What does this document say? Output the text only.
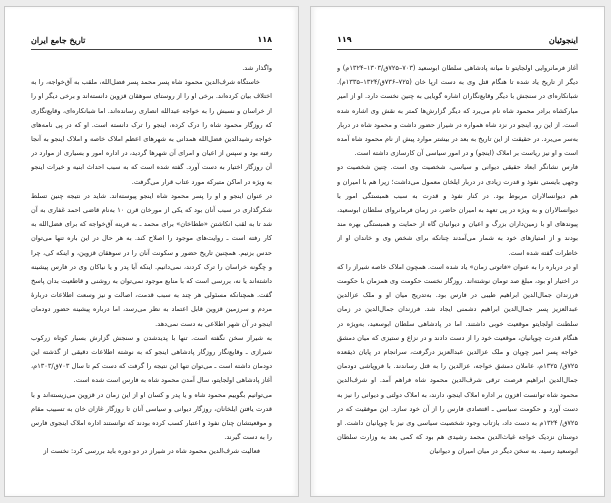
تاریخ جامع ایران	۱۱۸

واگذار شد.

خاستگاه شرف‌الدین محمود شاه پسر محمد پسر فضل‌الله، ملقب به آق‌خواجه، را به اختلاف بیان کرده‌اند. برخی او را از روستای سوهقان قزوین دانسته‌اند و برخی دیگر او را از خراسان و نسبش را به خواجه عبدالله انصاری رسانده‌اند. اما شبانکاره‌ای، وقایع‌نگاری که روزگار محمود شاه را درک کرده، اینجو را ترک دانسته است. او که در پی نامه‌های خواجه رشیدالدین فضل‌الله همدانی به شهرهای اعظم املاک خاصه و املاک اینجو به آنجا رفته بود و سپس از اعیان و امرای آن شهرها گردید، در اداره امور و بسیاری از موارد در آن روزگار اختیار به دست آورد. گفته شده است که به سبب احداث ابنیه و خیرات اینجو به ویژه در اماکن متبرکه مورد عتاب قرار می‌گرفت.

در عنوان اینجو و او را پسر محمود شاه اینجو پیوسته‌اند. شاید در نتیجه چنین تسلط شکرگذاری در سبب آنان بود که یکی از مورخان قرن ۱۰ به‌نام قاضی احمد غفاری به آن شد تا به لقب انکاشتن «ططاخان» برای محمد ـ به قرینه آق‌خواجه که برای فضل‌الله به کار رفته است ـ روایت‌های موجود را اصلاح کند. به هر حال در این باره تنها می‌توان حدس بزنیم. همچنین تاریخ حضور و سکونت آنان را در سوهقان قزوین، و اینکه کی، چرا و چگونه خراسان را ترک کردند، نمی‌دانیم. اینکه آیا پدر و یا نیاکان وی در فارس پیشینه داشته‌اند یا نه، بررسی است که با منابع موجود نمی‌توان به روشنی و قاطعیت بدان پاسخ گفت. همچنانکه مسئولی هر چند به سبب قدمت، اصالت و نیز وسعت اطلاعات دربارهٔ مردم و سرزمین قزوین قابل اعتماد به نظر می‌رسد، اما درباره پیشینه حضور دودمان اینجو در آن شهر اطلاعی به دست نمی‌دهد.

به شیراز سخن نگفته است. تنها با پدیدشدن و سنجش گزارش بسیار کوتاه زرکوب شیرازی ـ وقایع‌نگار روزگار پادشاهی اینجو که به نوشته اطلاعات دقیقی از گذشته این دودمان داشته است ـ می‌توان تنها این نتیجه را گرفت که دست کم تا سال ۷۰۳ق/۱۳۰۳م، آغاز پادشاهی اولجایتو، سال آمدن محمود شاه به فارس است شده است.

می‌توانیم بگوییم محمود شاه و یا پدر و کسان او از این زمان در قزوین می‌زیسته‌اند و با قدرت یافتن ایلخانان، روزگار دیوانی و سیاسی آنان تا روزگار غازان خان به تسبیب مقام و موقعیتشان چنان نفوذ و اعتبار کسب کرده بودند که توانستند اداره املاک اینجوی فارس را به دست گیرند.

فعالیت شرف‌الدین محمود شاه در شیراز در دو دوره باید بررسی کرد: نخست از

اینجوئیان
۱۱۹

آغاز فرمانروایی اولجایتو تا میانه پادشاهی سلطان ابوسعید (۷۰۳–۷۲۵ق/۱۳۰۳–۱۳۲۴م) و دیگر از تاریخ یاد شده تا هنگام قتل وی به دست ارپا خان (۷۲۵–۷۳۶ق/۱۳۲۴–۱۳۳۵م). شبانکاره‌ای در سنجش با دیگر وقایع‌نگاران اشاره گویایی به چنین نخست دارد. او از امیر مبارکشاه برادر محمود شاه نام می‌برد که دیگر گزارش‌ها کمتر به نقش وی اشاره شده است. از این رو، اینجو در نزد شاه همواره در شیراز حضور داشت و محمود شاه در دربار به‌سر می‌برد. در حقیقت از این تاریخ به بعد در بیشتر موارد پیش از نام محمود شاه آمده است و او نیز ریاست بر املاک (اینجو) و در امور سیاسی آن کارسازی داشته است.

فارس نشانگر ابعاد حقیقی دیوانی و سیاسی، شخصیت وی است. چنین شخصیت دو وجهی بایستی نفوذ و قدرت زیادی در دربار ایلخان معمول می‌داشت؛ زیرا هم با امیران و هم دیوانسالاران مربوط بود. در کنار نفوذ و قدرت به سبب همبستگی امور با دیوانسالاران و به ویژه در پی تعهد به امیران حاضر، در زمان فرمانروای سلطان ابوسعید، پیوندهای او با زمین‌داران بزرگ و اعیان و دیوانیان گاه از حمایت و همبستگی بهره مند بودند و از امتیازهای خود به شمار می‌آمدند چنانکه برای شخص وی و خاندان او از خاطرات گفته شده است.

او در درباره را به عنوان «فاتوتی زمان» یاد شده است. همچون املاک خاصه شیراز را که در اختیار او بود، مبلغ صد تومان نوشته‌اند. روزگار نخست حکومت وی همزمان با حکومت فرزندان جمال‌الدین ابراهیم طیبی در فارس بود. به‌تدریج میان او و ملک عزالدین عبدالعزیز پسر جمال‌الدین ابراهیم دشمنی ایجاد شد. فرزندان جمال‌الدین در زمان سلطنت اولجایتو موقعیت خوبی داشتند. اما در پادشاهی سلطان ابوسعید، به‌ویژه در هنگام قدرت چوپانیان، موقعیت خود را از دست دادند و در نزاع و ستیزی که میان دمشق خواجه پسر امیر چوپان و ملک عزالدین عبدالعزیز درگرفت، سرانجام در پایان ذیقعده ۷۲۵ق/ ۱۳۲۵م، عاملان دمشق خواجه، عزالدین را به قتل رساندند. با فروپاشی دودمان جمال‌الدین ابراهیم فرصت ترقی شرف‌الدین محمود شاه فراهم آمد. او شرف‌الدین محمود شاه توانست افزون بر اداره املاک اینجو، دارند، به املاک دولتی و دیوانی را نیز به دست آورد و حکومت سیاسی ـ اقتصادی فارس را از آن خود سازد. این موفقیت که در ۷۲۵ق/ ۱۳۲۴م به دست داد، بازتاب وجود شخصیت سیاسی وی نیز با چوپانیان داشت. او دوستان نزدیک خواجه غیاث‌الدین محمد رشیدی هم بود که کمی بعد به وزارت سلطان ابوسعید رسید. به سخن دیگر در میان امیران و دیوانیان
